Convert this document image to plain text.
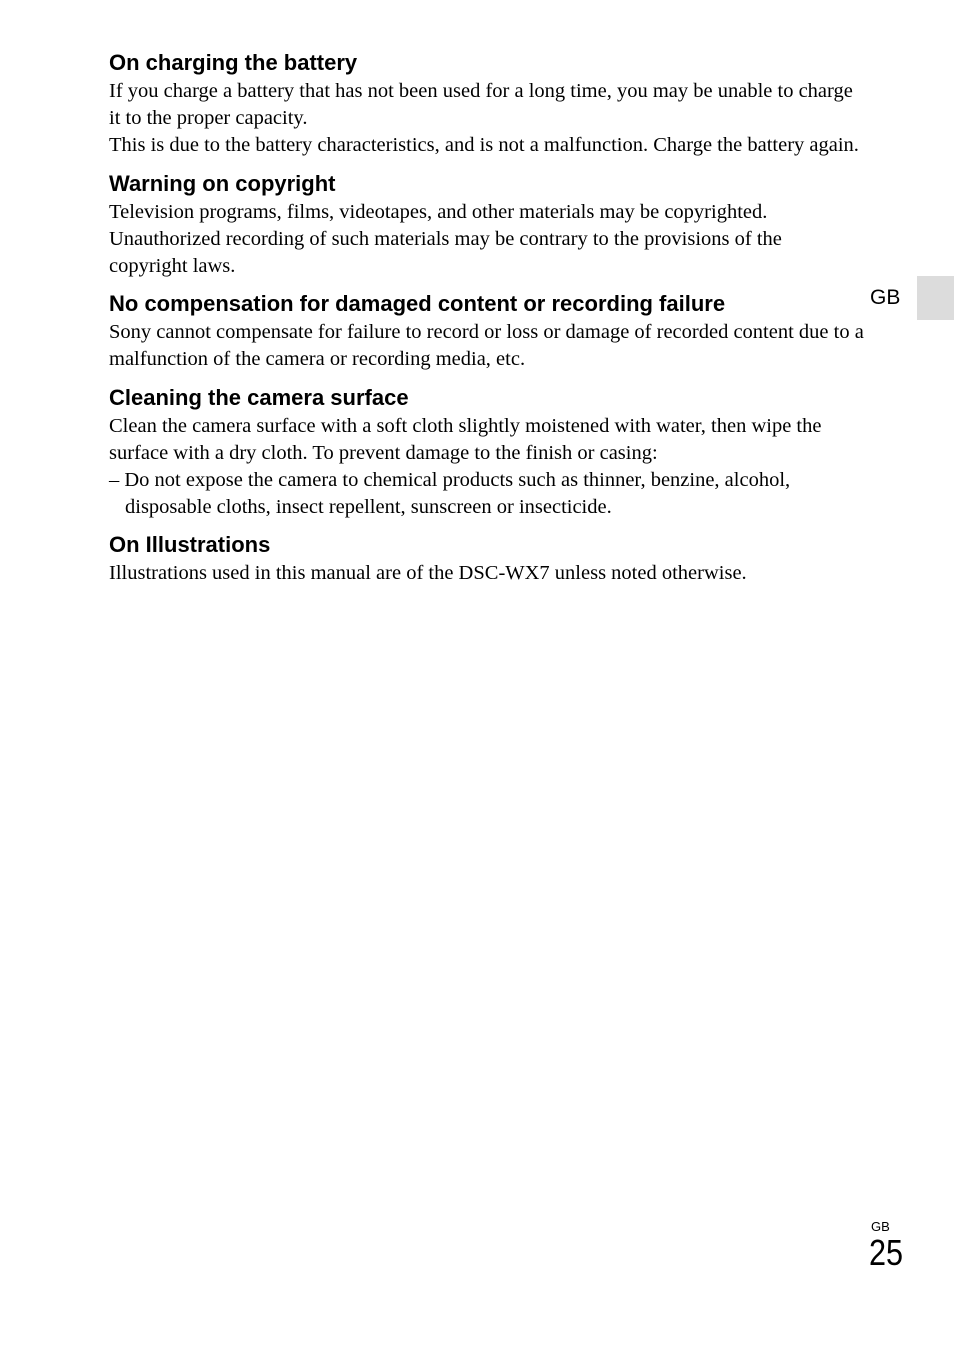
On charging the battery

If you charge a battery that has not been used for a long time, you may be unable to charge it to the proper capacity.

This is due to the battery characteristics, and is not a malfunction. Charge the battery again.

Warning on copyright

Television programs, films, videotapes, and other materials may be copyrighted. Unauthorized recording of such materials may be contrary to the provisions of the copyright laws.

No compensation for damaged content or recording failure

Sony cannot compensate for failure to record or loss or damage of recorded content due to a malfunction of the camera or recording media, etc.

Cleaning the camera surface

Clean the camera surface with a soft cloth slightly moistened with water, then wipe the surface with a dry cloth. To prevent damage to the finish or casing:

– Do not expose the camera to chemical products such as thinner, benzine, alcohol, disposable cloths, insect repellent, sunscreen or insecticide.

On Illustrations

Illustrations used in this manual are of the DSC-WX7 unless noted otherwise.

GB
GB
25
